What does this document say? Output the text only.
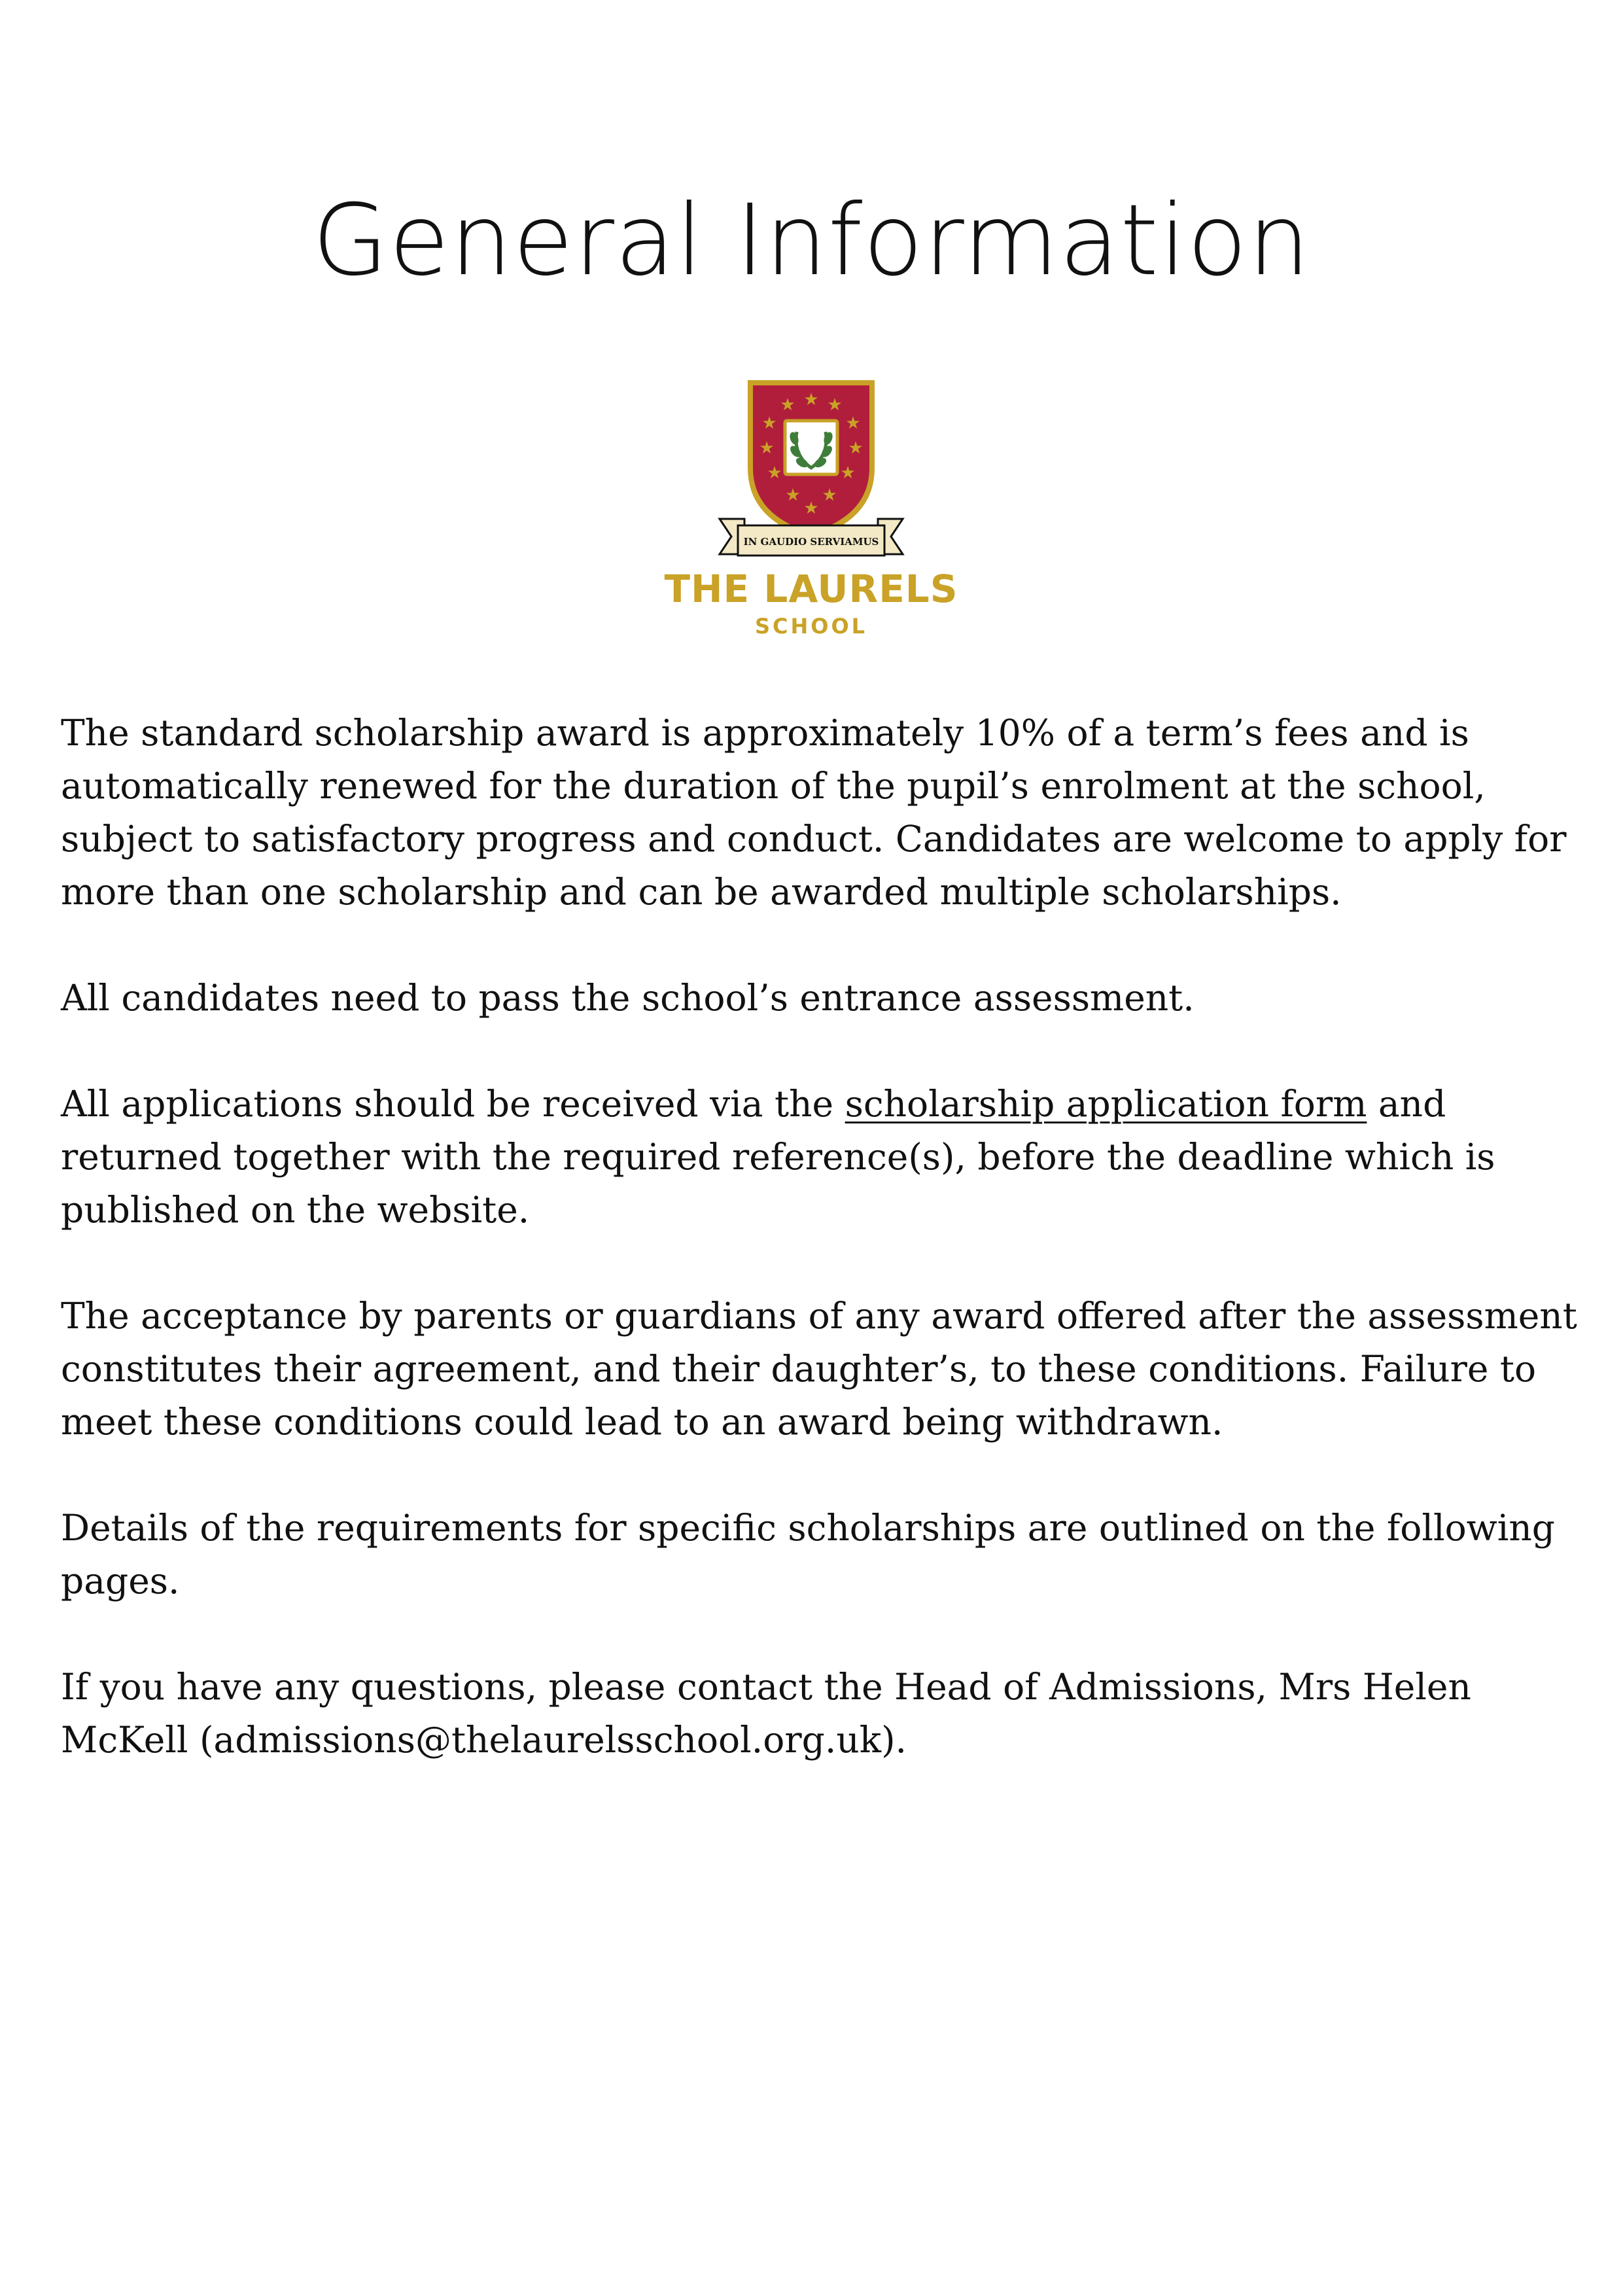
General Information
★ ★ ★
★	★
★	★
★	★
★ ★
★
IN GAUDIO SERVIAMUS
THE LAURELS
SCHOOL

The standard scholarship award is approximately 10% of a term’s fees and is automatically renewed for the duration of the pupil’s enrolment at the school, subject to satisfactory progress and conduct. Candidates are welcome to apply for more than one scholarship and can be awarded multiple scholarships.

All candidates need to pass the school’s entrance assessment.

All applications should be received via the scholarship application form and returned together with the required reference(s), before the deadline which is published on the website.

The acceptance by parents or guardians of any award offered after the assessment constitutes their agreement, and their daughter’s, to these conditions. Failure to meet these conditions could lead to an award being withdrawn.

Details of the requirements for specific scholarships are outlined on the following pages.

If you have any questions, please contact the Head of Admissions, Mrs Helen McKell (admissions@thelaurelsschool.org.uk).
